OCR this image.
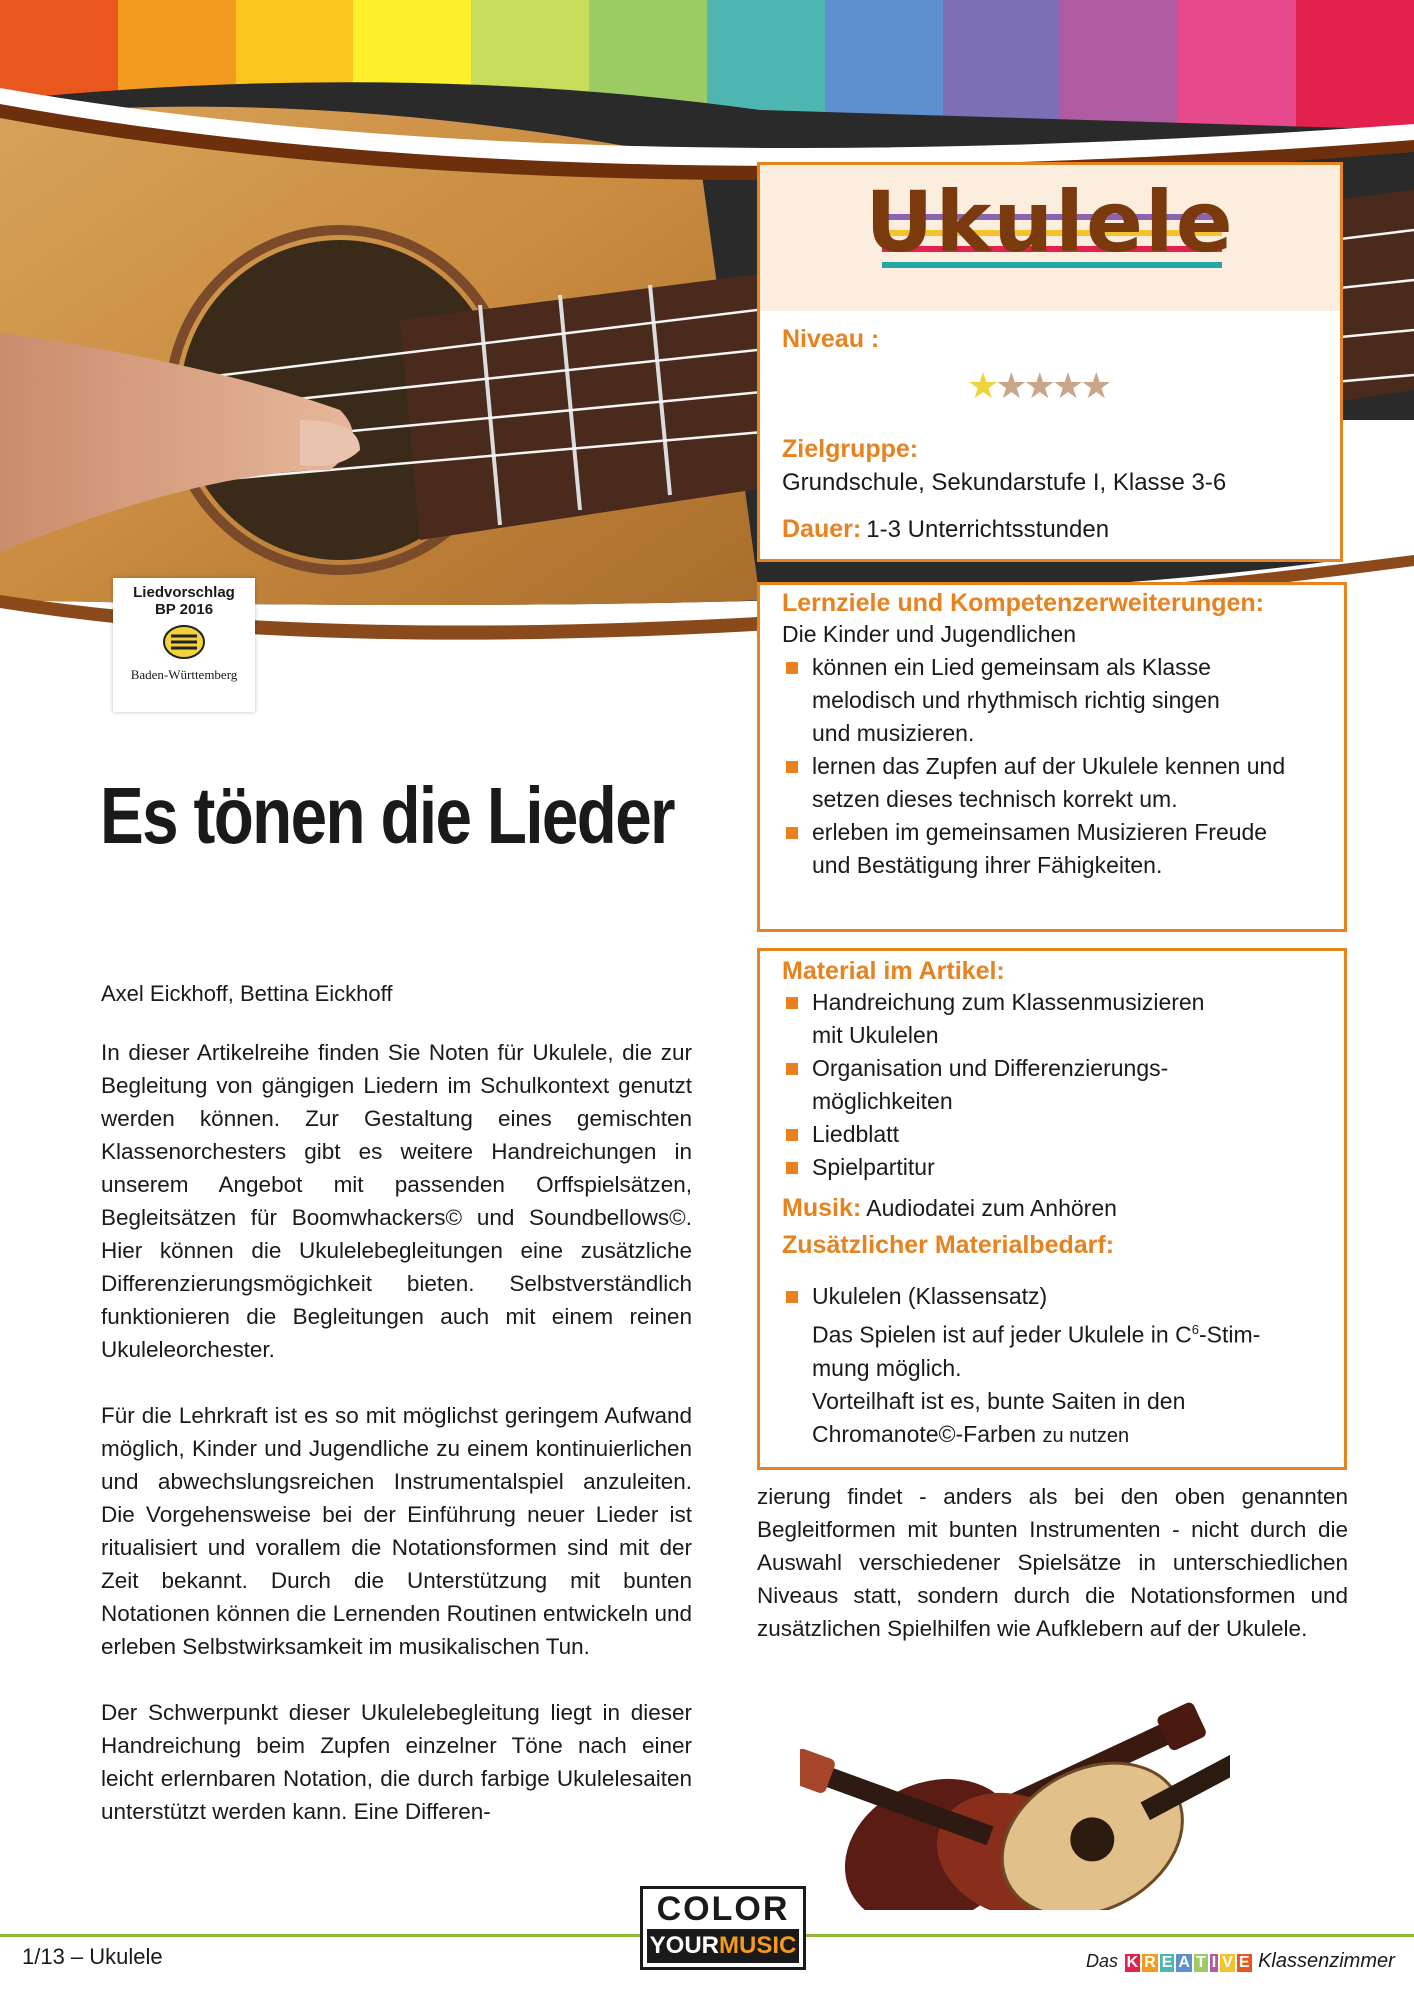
Liedvorschlag
BP 2016
Baden-Württemberg
Ukulele
Niveau :
Zielgruppe:
Grundschule, Sekundarstufe I, Klasse 3-6
Dauer: 1-3 Unterrichtsstunden
★★★★★
Lernziele und Kompetenzerweiterungen:
Die Kinder und Jugendlichen
können ein Lied gemeinsam als Klasse
melodisch und rhythmisch richtig singen
und musizieren.
lernen das Zupfen auf der Ukulele kennen und
setzen dieses technisch korrekt um.
erleben im gemeinsamen Musizieren Freude
und Bestätigung ihrer Fähigkeiten.
Material im Artikel:
Handreichung zum Klassenmusizieren
mit Ukulelen
Organisation und Differenzierungs-
möglichkeiten
Liedblatt
Spielpartitur
Musik: Audiodatei zum Anhören
Zusätzlicher Materialbedarf:
Ukulelen (Klassensatz)
Das Spielen ist auf jeder Ukulele in $C^6-Stim-$
mung möglich.
Vorteilhaft ist es, bunte Saiten in den
Chromanote©-Farben zu nutzen
Es tönen die Lieder
Axel Eickhoff, Bettina Eickhoff

In dieser Artikelreihe finden Sie Noten für Ukulele, die zur Begleitung von gängigen Liedern im Schulkontext genutzt werden können. Zur Gestaltung eines gemischten Klassenorchesters gibt es weitere Handreichungen in unserem Angebot mit passenden Orffspielsätzen, Begleitsätzen für Boomwhackers© und Soundbellows©. Hier können die Ukulelebegleitungen eine zusätzliche Differenzierungsmögichkeit bieten. Selbstverständlich funktionieren die Begleitungen auch mit einem reinen Ukuleleorchester.

Für die Lehrkraft ist es so mit möglichst geringem Aufwand möglich, Kinder und Jugendliche zu einem kontinuierlichen und abwechslungsreichen Instrumentalspiel anzuleiten. Die Vorgehensweise bei der Einführung neuer Lieder ist ritualisiert und vorallem die Notationsformen sind mit der Zeit bekannt. Durch die Unterstützung mit bunten Notationen können die Lernenden Routinen entwickeln und erleben Selbstwirksamkeit im musikalischen Tun.

Der Schwerpunkt dieser Ukulelebegleitung liegt in dieser Handreichung beim Zupfen einzelner Töne nach einer leicht erlernbaren Notation, die durch farbige Ukulelesaiten unterstützt werden kann. Eine Differen-

zierung findet - anders als bei den oben genannten Begleitformen mit bunten Instrumenten - nicht durch die Auswahl verschiedener Spielsätze in unterschiedlichen Niveaus statt, sondern durch die Notationsformen und zusätzlichen Spielhilfen wie Aufklebern auf der Ukulele.

1/13 – Ukulele
COLOR
YOURMUSIC
Das K R E A T I V E Klassenzimmer
